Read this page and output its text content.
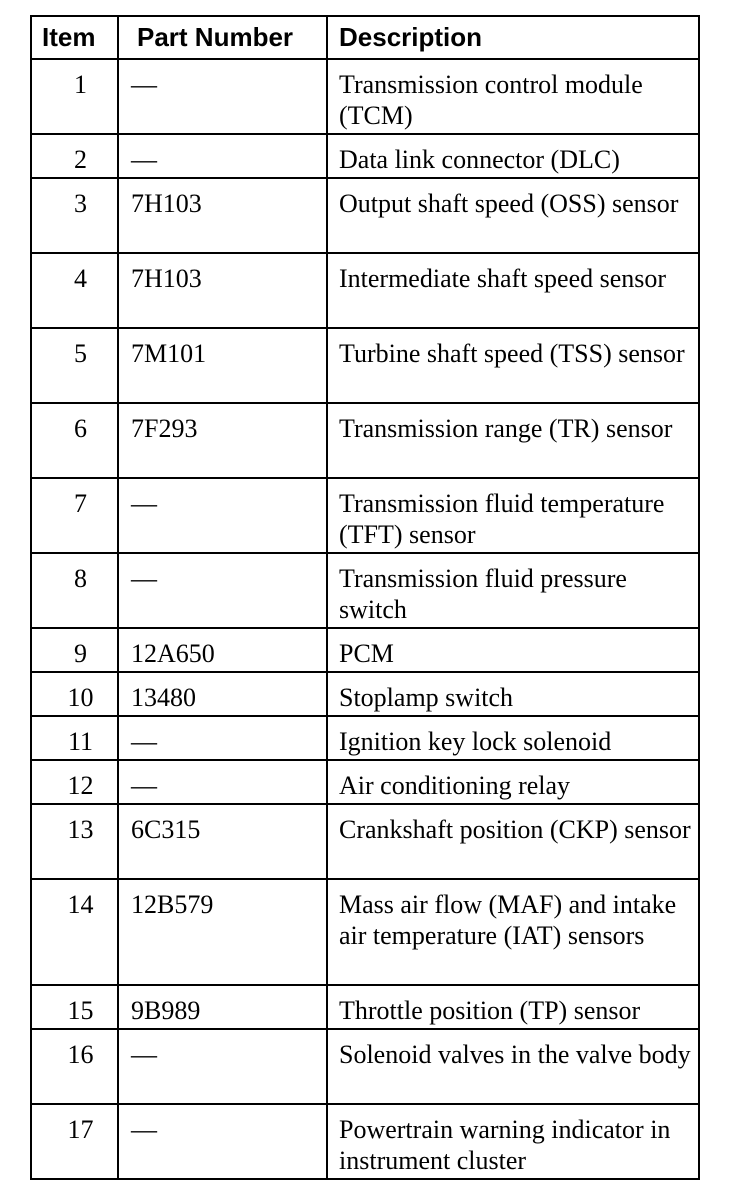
Item	Part Number	Description
1	—	Transmission control module (TCM)
2	—	Data link connector (DLC)
3	7H103	Output shaft speed (OSS) sensor
4	7H103	Intermediate shaft speed sensor
5	7M101	Turbine shaft speed (TSS) sensor
6	7F293	Transmission range (TR) sensor
7	—	Transmission fluid temperature (TFT) sensor
8	—	Transmission fluid pressure switch
9	12A650	PCM
10	13480	Stoplamp switch
11	—	Ignition key lock solenoid
12	—	Air conditioning relay
13	6C315	Crankshaft position (CKP) sensor
14	12B579	Mass air flow (MAF) and intake air temperature (IAT) sensors
15	9B989	Throttle position (TP) sensor
16	—	Solenoid valves in the valve body
17	—	Powertrain warning indicator in instrument cluster
